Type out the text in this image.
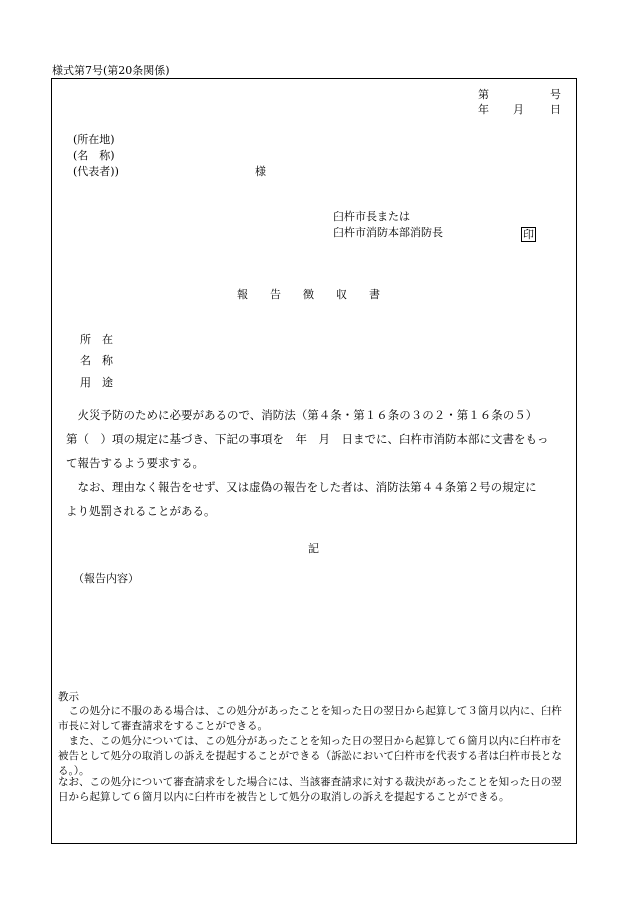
様式第7号(第20条関係)
第	号
年 月 日
(所在地)
(名　称)
(代表者))	様
臼杵市長または
臼杵市消防本部消防長	印
報　　告　　徴　　収　　書
所　在
名　称
用　途
　火災予防のために必要があるので、消防法（第４条・第１６条の３の２・第１６条の５）
第（　）項の規定に基づき、下記の事項を　年　月　日までに、臼杵市消防本部に文書をもっ
て報告するよう要求する。
　なお、理由なく報告をせず、又は虚偽の報告をした者は、消防法第４４条第２号の規定に
より処罰されることがある。
記
（報告内容）
教示
　この処分に不服のある場合は、この処分があったことを知った日の翌日から起算して３箇月以内に、臼杵市長に対して審査請求をすることができる。
　また、この処分については、この処分があったことを知った日の翌日から起算して６箇月以内に臼杵市を被告として処分の取消しの訴えを提起することができる（訴訟において臼杵市を代表する者は臼杵市長となる。）。
なお、この処分について審査請求をした場合には、当該審査請求に対する裁決があったことを知った日の翌日から起算して６箇月以内に臼杵市を被告として処分の取消しの訴えを提起することができる。
